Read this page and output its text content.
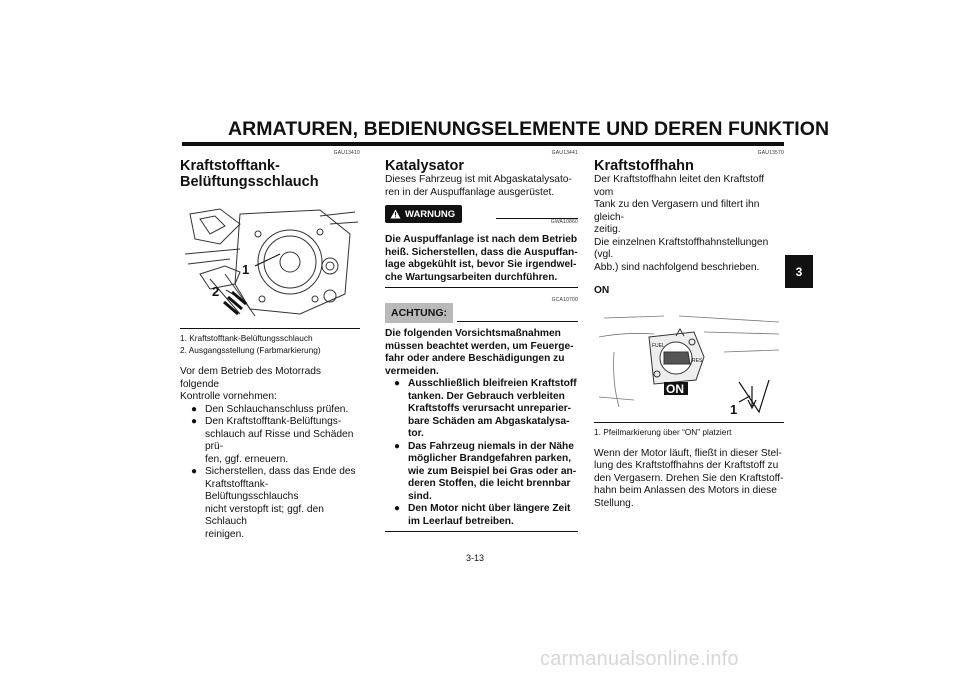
ARMATUREN, BEDIENUNGSELEMENTE UND DEREN FUNKTION
3
GAU13410
Kraftstofftank-
Belüftungsschlauch
1
2
1. Kraftstofftank-Belüftungsschlauch
2. Ausgangsstellung (Farbmarkierung)

Vor dem Betrieb des Motorrads folgende

Kontrolle vornehmen:

● Den Schlauchanschluss prüfen.
● Den Kraftstofftank-Belüftungs-
schlauch auf Risse und Schäden prü-
fen, ggf. erneuern.
● Sicherstellen, dass das Ende des
Kraftstofftank-Belüftungsschlauchs
nicht verstopft ist; ggf. den Schlauch
reinigen.
GAU13441
Katalysator

Dieses Fahrzeug ist mit Abgaskatalysato-

ren in der Auspuffanlage ausgerüstet.

WARNUNG
GWA10860

Die Auspuffanlage ist nach dem Betrieb

heiß. Sicherstellen, dass die Auspuffan-

lage abgekühlt ist, bevor Sie irgendwel-

che Wartungsarbeiten durchführen.

GCA10700
ACHTUNG:

Die folgenden Vorsichtsmaßnahmen

müssen beachtet werden, um Feuerge-

fahr oder andere Beschädigungen zu

vermeiden.

● Ausschließlich bleifreien Kraftstoff
tanken. Der Gebrauch verbleiten
Kraftstoffs verursacht unreparier-
bare Schäden am Abgaskatalysa-
tor.
● Das Fahrzeug niemals in der Nähe
möglicher Brandgefahren parken,
wie zum Beispiel bei Gras oder an-
deren Stoffen, die leicht brennbar
sind.
● Den Motor nicht über längere Zeit
im Leerlauf betreiben.
GAU13570
Kraftstoffhahn

Der Kraftstoffhahn leitet den Kraftstoff vom

Tank zu den Vergasern und filtert ihn gleich-

zeitig.

Die einzelnen Kraftstoffhahnstellungen (vgl.

Abb.) sind nachfolgend beschrieben.

ON

FUEL
RES
ON
1
1. Pfeilmarkierung über “ON” platziert

Wenn der Motor läuft, fließt in dieser Stel-

lung des Kraftstoffhahns der Kraftstoff zu

den Vergasern. Drehen Sie den Kraftstoff-

hahn beim Anlassen des Motors in diese

Stellung.

3-13
carmanualsonline.info
